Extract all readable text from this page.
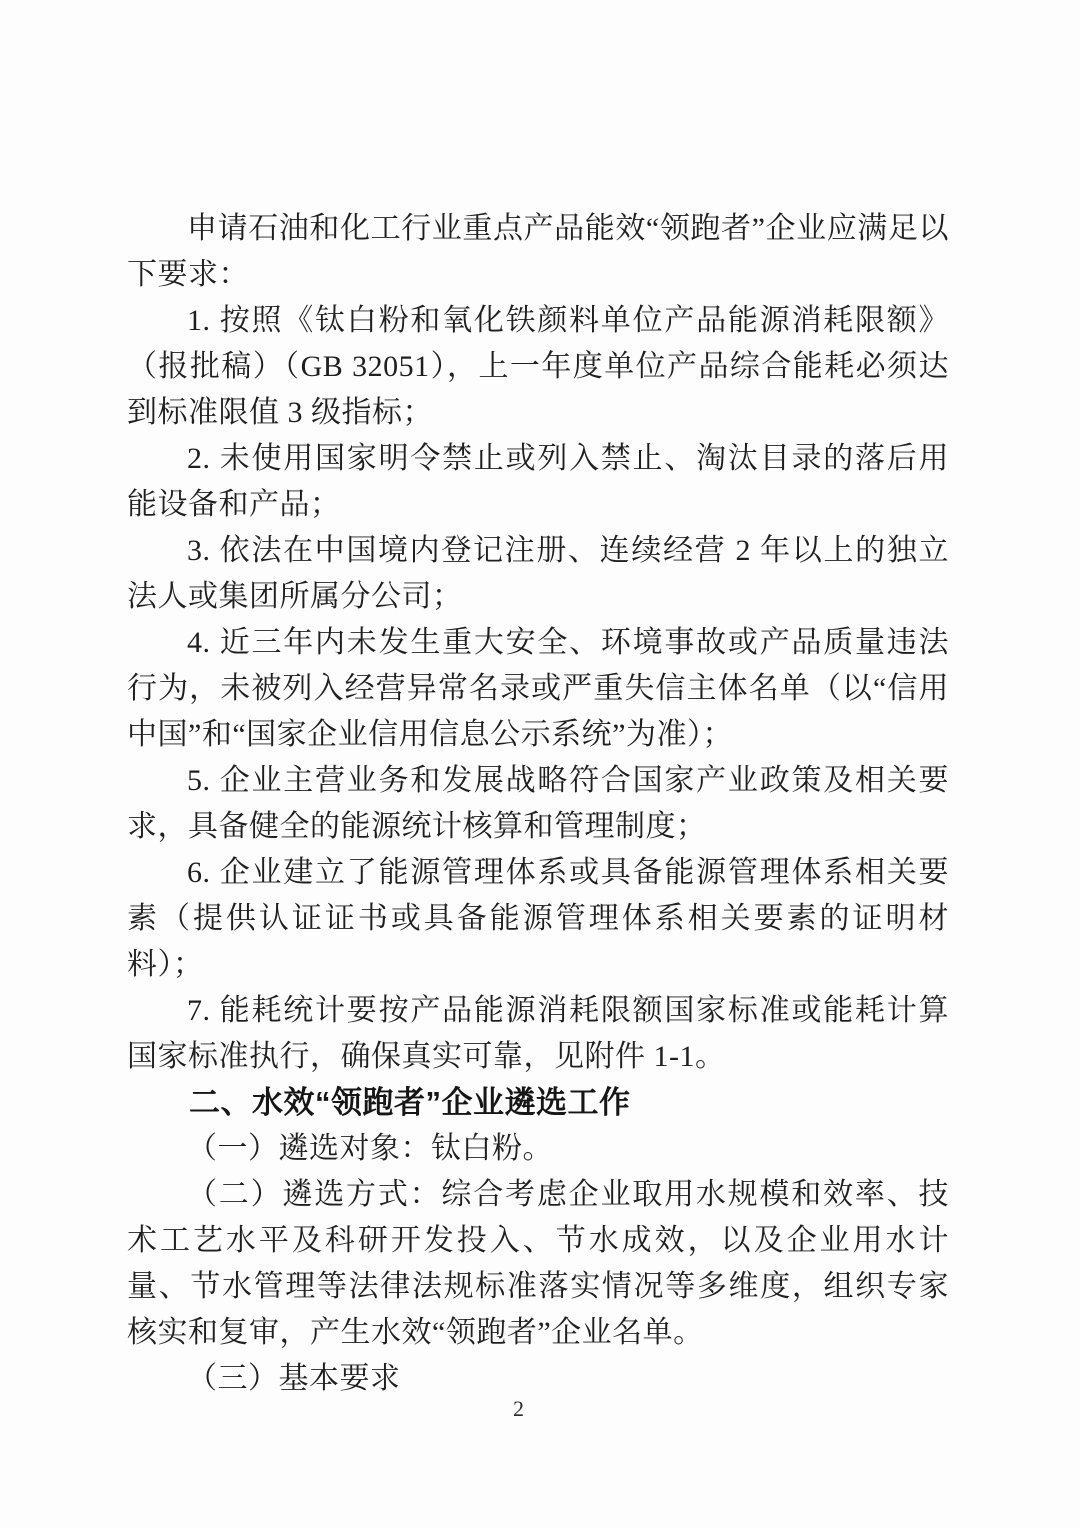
申请石油和化工行业重点产品能效“领跑者”企业应满足以下要求：

1. 按照《钛白粉和氧化铁颜料单位产品能源消耗限额》（报批稿）（GB 32051），上一年度单位产品综合能耗必须达到标准限值 3 级指标；

2. 未使用国家明令禁止或列入禁止、淘汰目录的落后用能设备和产品；

3. 依法在中国境内登记注册、连续经营 2 年以上的独立法人或集团所属分公司；

4. 近三年内未发生重大安全、环境事故或产品质量违法行为，未被列入经营异常名录或严重失信主体名单（以“信用中国”和“国家企业信用信息公示系统”为准）；

5. 企业主营业务和发展战略符合国家产业政策及相关要求，具备健全的能源统计核算和管理制度；

6. 企业建立了能源管理体系或具备能源管理体系相关要素（提供认证证书或具备能源管理体系相关要素的证明材料）；

7. 能耗统计要按产品能源消耗限额国家标准或能耗计算国家标准执行，确保真实可靠，见附件 1-1。

二、水效“领跑者”企业遴选工作

（一）遴选对象：钛白粉。

（二）遴选方式：综合考虑企业取用水规模和效率、技术工艺水平及科研开发投入、节水成效，以及企业用水计量、节水管理等法律法规标准落实情况等多维度，组织专家核实和复审，产生水效“领跑者”企业名单。

（三）基本要求

2
